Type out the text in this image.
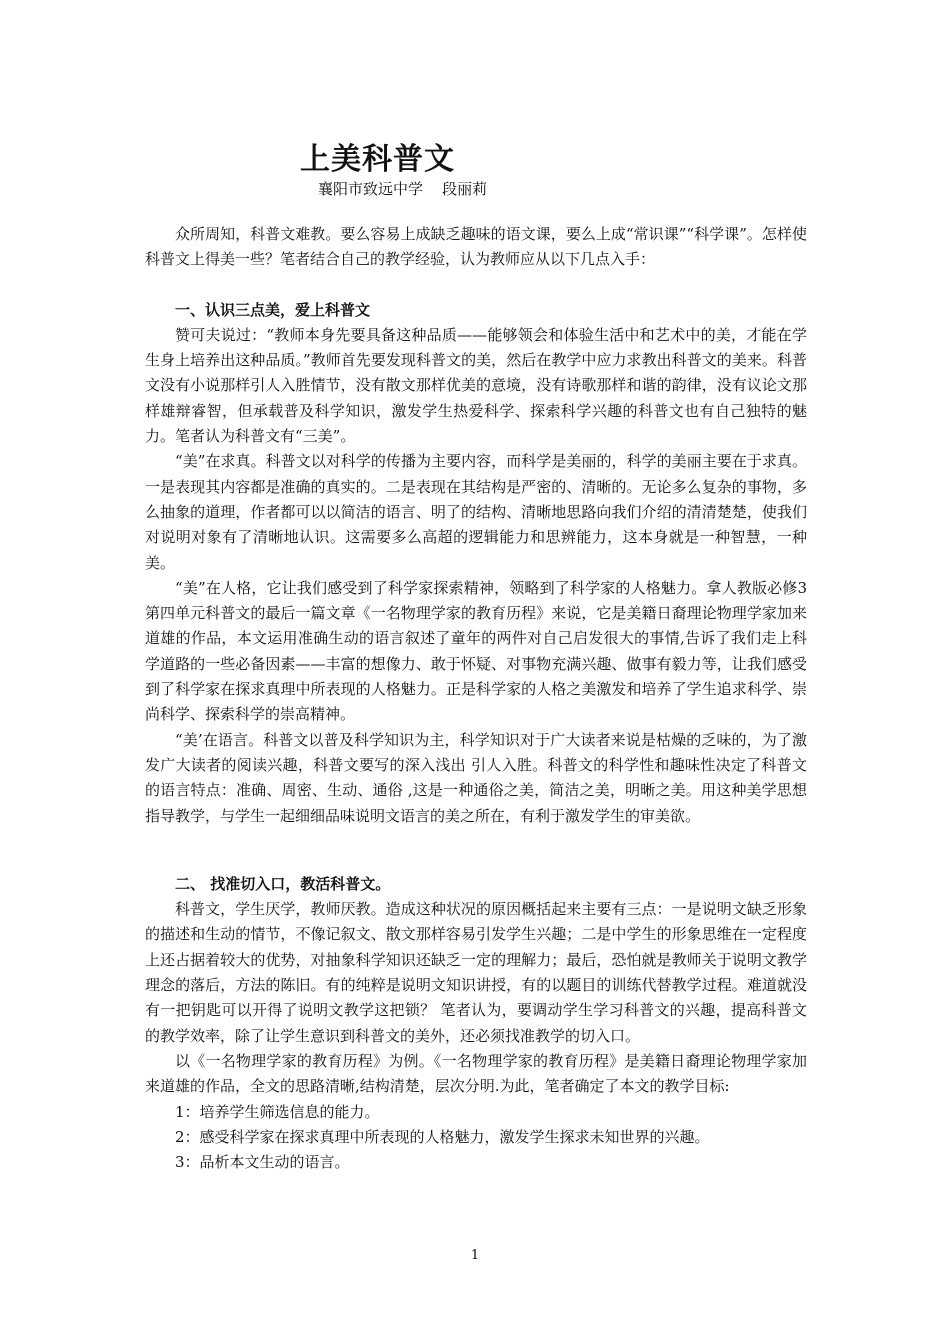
上美科普文
襄阳市致远中学    段丽莉

众所周知，科普文难教。要么容易上成缺乏趣味的语文课，要么上成“常识课”“科学课”。怎样使科普文上得美一些？笔者结合自己的教学经验，认为教师应从以下几点入手：

一、认识三点美，爱上科普文

赞可夫说过：“教师本身先要具备这种品质——能够领会和体验生活中和艺术中的美，才能在学生身上培养出这种品质。”教师首先要发现科普文的美，然后在教学中应力求教出科普文的美来。科普文没有小说那样引人入胜情节，没有散文那样优美的意境，没有诗歌那样和谐的韵律，没有议论文那样雄辩睿智，但承载普及科学知识，激发学生热爱科学、探索科学兴趣的科普文也有自己独特的魅力。笔者认为科普文有“三美”。

“美”在求真。科普文以对科学的传播为主要内容，而科学是美丽的，科学的美丽主要在于求真。一是表现其内容都是准确的真实的。二是表现在其结构是严密的、清晰的。无论多么复杂的事物，多么抽象的道理，作者都可以以简洁的语言、明了的结构、清晰地思路向我们介绍的清清楚楚，使我们对说明对象有了清晰地认识。这需要多么高超的逻辑能力和思辨能力，这本身就是一种智慧，一种美。

“美”在人格，它让我们感受到了科学家探索精神，领略到了科学家的人格魅力。拿人教版必修3第四单元科普文的最后一篇文章《一名物理学家的教育历程》来说，它是美籍日裔理论物理学家加来道雄的作品，本文运用准确生动的语言叙述了童年的两件对自己启发很大的事情,告诉了我们走上科学道路的一些必备因素——丰富的想像力、敢于怀疑、对事物充满兴趣、做事有毅力等，让我们感受到了科学家在探求真理中所表现的人格魅力。正是科学家的人格之美激发和培养了学生追求科学、崇尚科学、探索科学的崇高精神。

“美’在语言。科普文以普及科学知识为主，科学知识对于广大读者来说是枯燥的乏味的，为了激发广大读者的阅读兴趣，科普文要写的深入浅出 引人入胜。科普文的科学性和趣味性决定了科普文的语言特点：准确、周密、生动、通俗 ,这是一种通俗之美，简洁之美，明晰之美。用这种美学思想指导教学，与学生一起细细品味说明文语言的美之所在，有利于激发学生的审美欲。

二、 找准切入口，教活科普文。

科普文，学生厌学，教师厌教。造成这种状况的原因概括起来主要有三点：一是说明文缺乏形象的描述和生动的情节，不像记叙文、散文那样容易引发学生兴趣；二是中学生的形象思维在一定程度上还占据着较大的优势，对抽象科学知识还缺乏一定的理解力；最后，恐怕就是教师关于说明文教学理念的落后，方法的陈旧。有的纯粹是说明文知识讲授，有的以题目的训练代替教学过程。难道就没有一把钥匙可以开得了说明文教学这把锁？ 笔者认为，要调动学生学习科普文的兴趣，提高科普文的教学效率，除了让学生意识到科普文的美外，还必须找准教学的切入口。

以《一名物理学家的教育历程》为例。《一名物理学家的教育历程》是美籍日裔理论物理学家加来道雄的作品，全文的思路清晰,结构清楚，层次分明.为此，笔者确定了本文的教学目标:

1：培养学生筛选信息的能力。

2：感受科学家在探求真理中所表现的人格魅力，激发学生探求未知世界的兴趣。

3：品析本文生动的语言。

1
